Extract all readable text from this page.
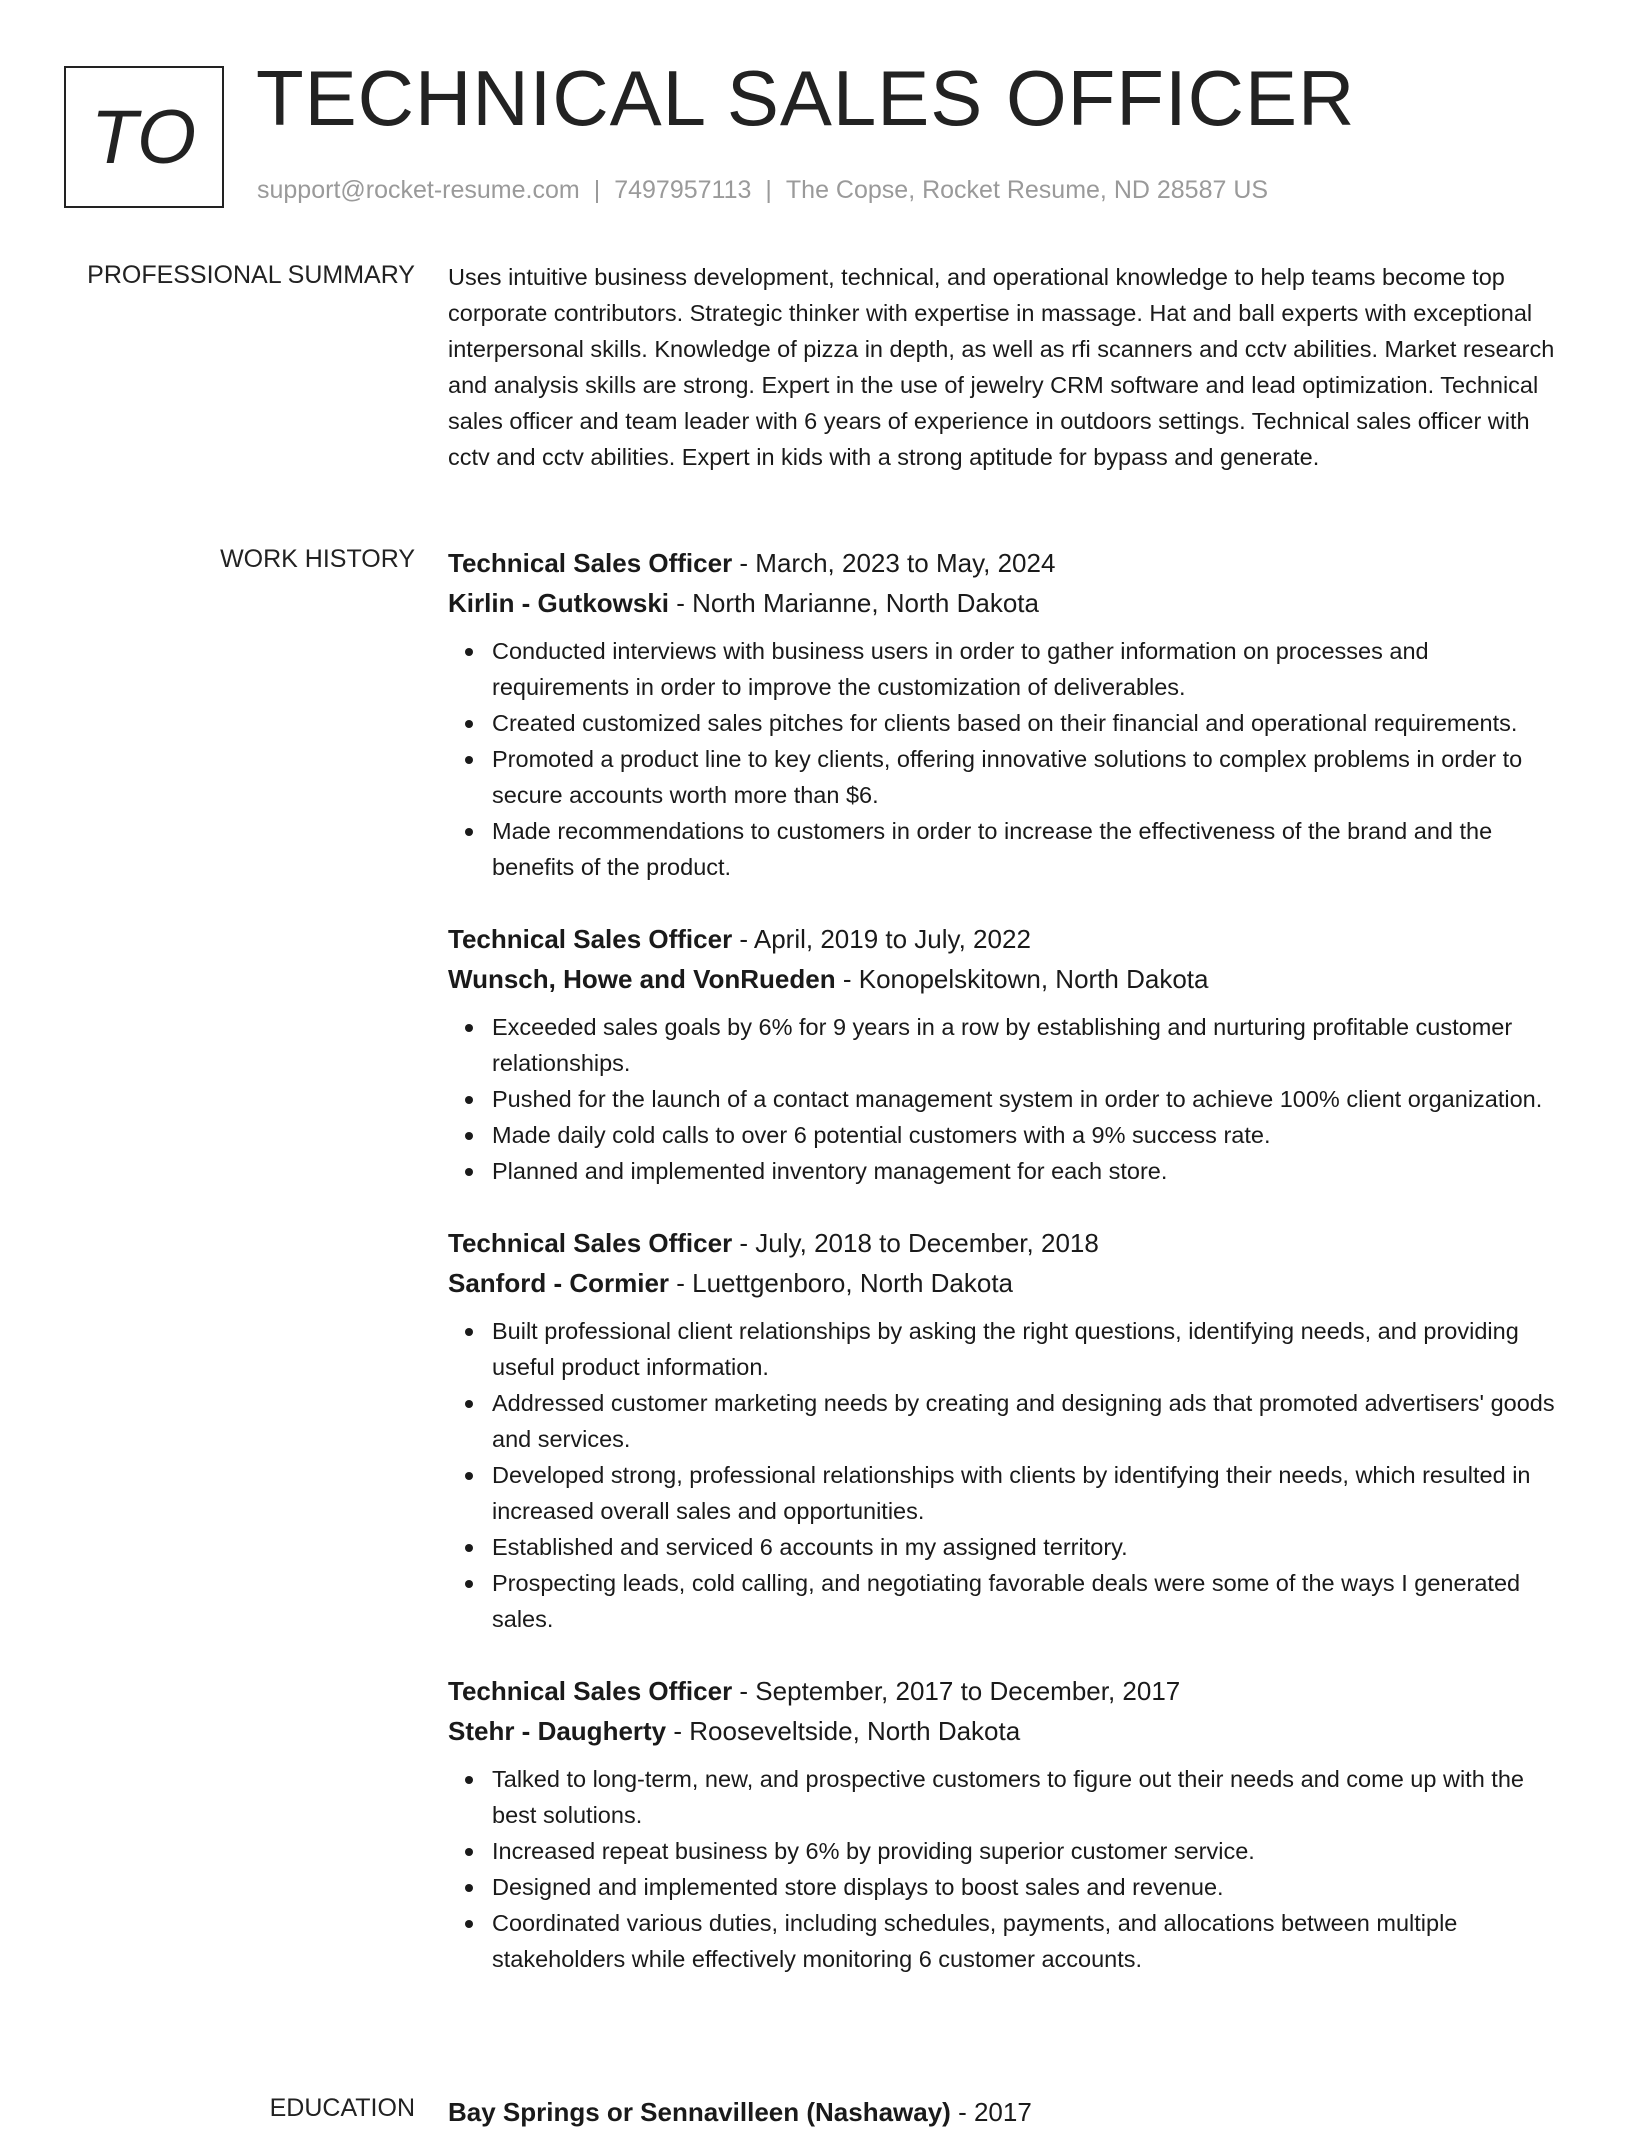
TO TECHNICAL SALES OFFICER
support@rocket-resume.com | 7497957113 | The Copse, Rocket Resume, ND 28587 US
PROFESSIONAL SUMMARY Uses intuitive business development, technical, and operational knowledge to help teams become top corporate contributors. Strategic thinker with expertise in massage. Hat and ball experts with exceptional interpersonal skills. Knowledge of pizza in depth, as well as rfi scanners and cctv abilities. Market research and analysis skills are strong. Expert in the use of jewelry CRM software and lead optimization. Technical sales officer and team leader with 6 years of experience in outdoors settings. Technical sales officer with cctv and cctv abilities. Expert in kids with a strong aptitude for bypass and generate.

WORK HISTORY Technical Sales Officer - March, 2023 to May, 2024
Kirlin - Gutkowski - North Marianne, North Dakota
Conducted interviews with business users in order to gather information on processes and requirements in order to improve the customization of deliverables.
Created customized sales pitches for clients based on their financial and operational requirements.
Promoted a product line to key clients, offering innovative solutions to complex problems in order to secure accounts worth more than $6.
Made recommendations to customers in order to increase the effectiveness of the brand and the benefits of the product.
Technical Sales Officer - April, 2019 to July, 2022
Wunsch, Howe and VonRueden - Konopelskitown, North Dakota
Exceeded sales goals by 6% for 9 years in a row by establishing and nurturing profitable customer relationships.
Pushed for the launch of a contact management system in order to achieve 100% client organization.
Made daily cold calls to over 6 potential customers with a 9% success rate.
Planned and implemented inventory management for each store.
Technical Sales Officer - July, 2018 to December, 2018
Sanford - Cormier - Luettgenboro, North Dakota
Built professional client relationships by asking the right questions, identifying needs, and providing useful product information.
Addressed customer marketing needs by creating and designing ads that promoted advertisers' goods and services.
Developed strong, professional relationships with clients by identifying their needs, which resulted in increased overall sales and opportunities.
Established and serviced 6 accounts in my assigned territory.
Prospecting leads, cold calling, and negotiating favorable deals were some of the ways I generated sales.
Technical Sales Officer - September, 2017 to December, 2017
Stehr - Daugherty - Rooseveltside, North Dakota
Talked to long-term, new, and prospective customers to figure out their needs and come up with the best solutions.
Increased repeat business by 6% by providing superior customer service.
Designed and implemented store displays to boost sales and revenue.
Coordinated various duties, including schedules, payments, and allocations between multiple stakeholders while effectively monitoring 6 customer accounts.
EDUCATION Bay Springs or Sennavilleen (Nashaway) - 2017
